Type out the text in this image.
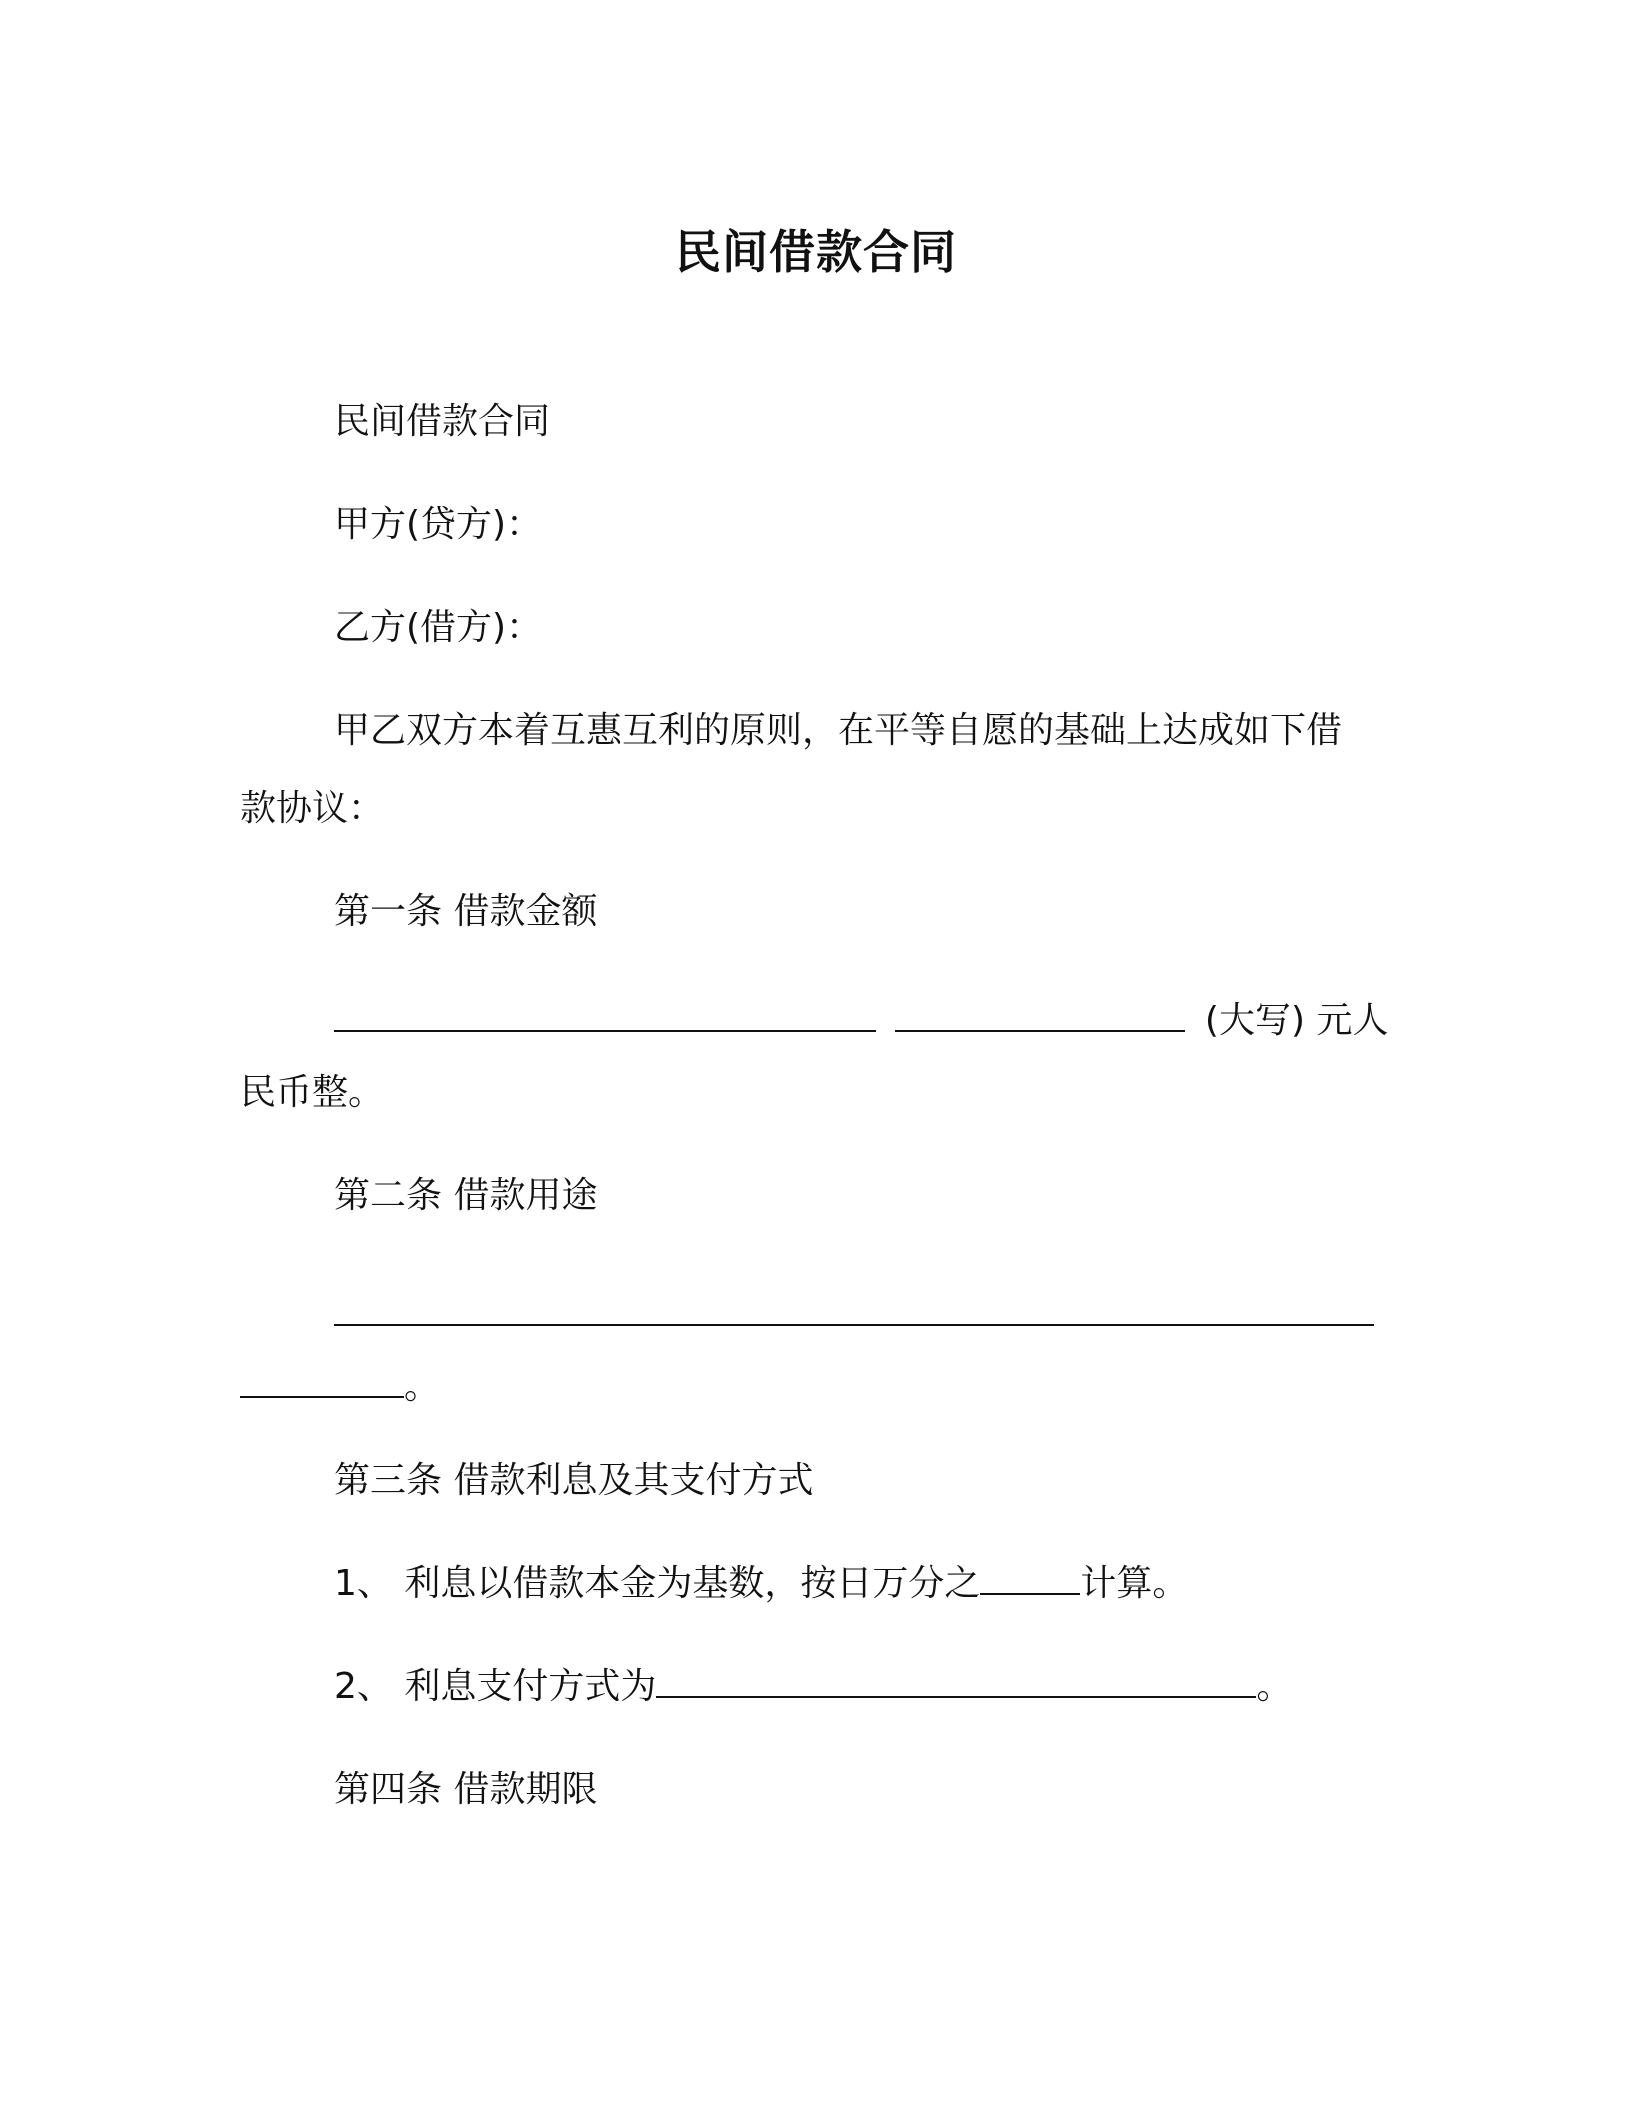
民间借款合同
民间借款合同
甲方(贷方)：
乙方(借方)：
甲乙双方本着互惠互利的原则，在平等自愿的基础上达成如下借
款协议：
第一条 借款金额
(大写) 元人
民币整。
第二条 借款用途
。
第三条 借款利息及其支付方式
1、 利息以借款本金为基数，按日万分之	计算。
2、 利息支付方式为	。
第四条 借款期限
